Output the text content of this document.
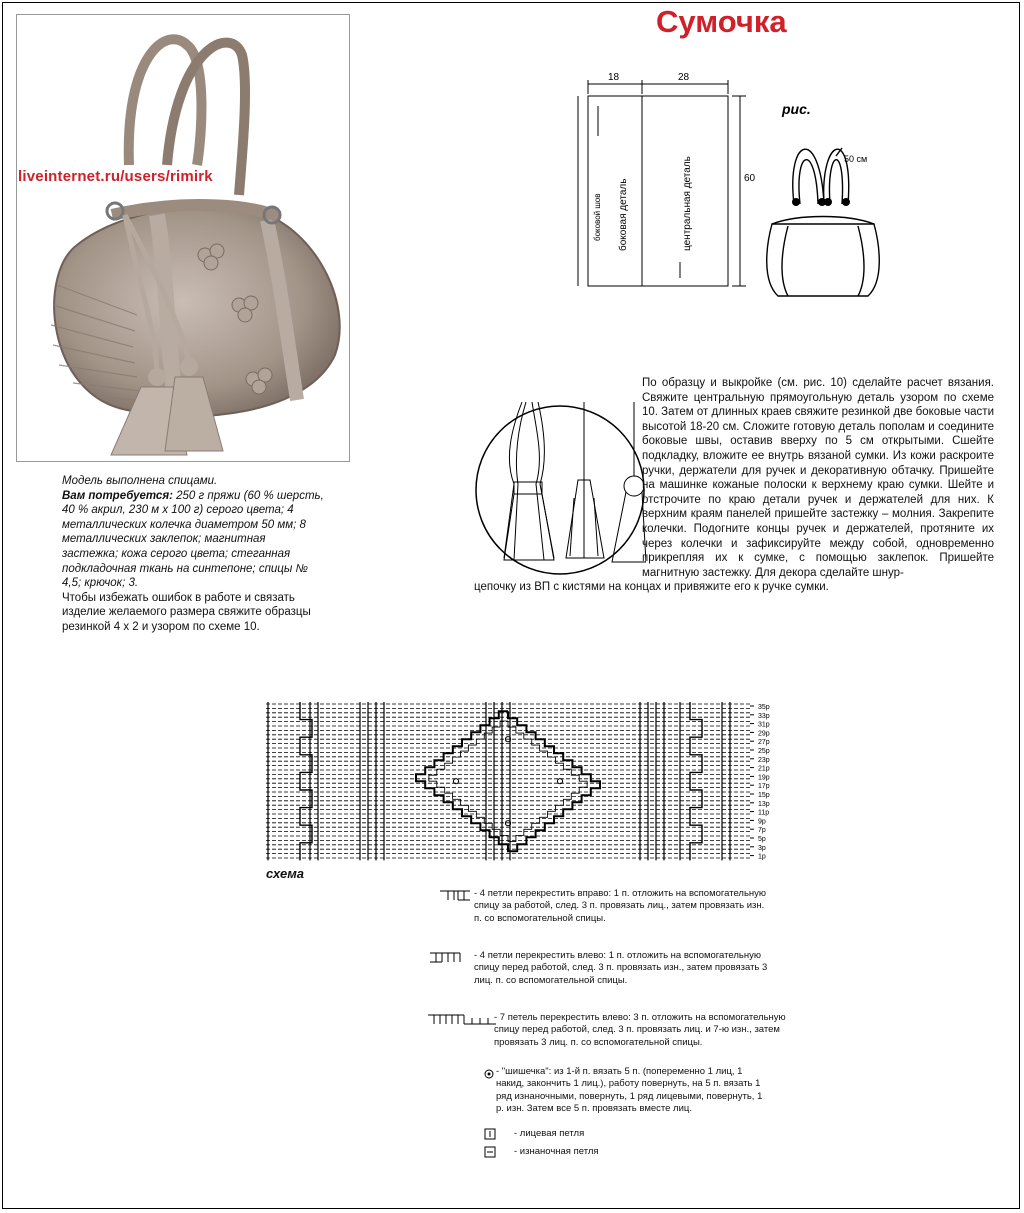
liveinternet.ru/users/rimirk
Сумочка
18	28
60
боковой шов боковая деталь	центральная деталь
рис.
50 см
Модель выполнена спицами.
Вам потребуется: 250 г пряжи (60 % шерсть, 40 % акрил, 230 м х 100 г) серого цвета; 4 металлических колечка диаметром 50 мм; 8 металлических заклепок; магнитная застежка; кожа серого цвета; стеганная подкладочная ткань на синтепоне; спицы № 4,5; крючок; 3.
Чтобы избежать ошибок в работе и связать изделие желаемого размера свяжите образцы резинкой 4 х 2 и узором по схеме 10.

По образцу и выкройке (см. рис. 10) сделайте расчет вязания. Свяжите центральную прямоугольную деталь узором по схеме 10. Затем от длинных краев свяжите резинкой две боковые части высотой 18-20 см. Сложите готовую деталь пополам и соедините боковые швы, оставив вверху по 5 см открытыми. Сшейте подкладку, вложите ее внутрь вязаной сумки. Из кожи раскроите ручки, держатели для ручек и декоративную обтачку. Пришейте на машинке кожаные полоски к верхнему краю сумки. Шейте и отстрочите по краю детали ручек и держателей для них. К верхним краям панелей пришейте застежку – молния. Закрепите колечки. Подогните концы ручек и держателей, протяните их через колечки и зафиксируйте между собой, одновременно прикрепляя их к сумке, с помощью заклепок. Пришейте магнитную застежку. Для декора сделайте шнур-

цепочку из ВП с кистями на концах и привяжите его к ручке сумки.

35р
33р
31р
29р
27р
25р
23р
21р
19р
17р
15р
13р
11р
9р
7р
5р
3р
1р
схема
- 4 петли перекрестить вправо: 1 п. отложить на вспомогательную спицу за работой, след. 3 п. провязать лиц., затем провязать изн. п. со вспомогательной спицы.
- 4 петли перекрестить влево: 1 п. отложить на вспомогательную спицу перед работой, след. 3 п. провязать изн., затем провязать 3 лиц. п. со вспомогательной спицы.
- 7 петель перекрестить влево: 3 п. отложить на вспомогательную спицу перед работой, след. 3 п. провязать лиц. и 7-ю изн., затем провязать 3 лиц. п. со вспомогательной спицы.
- "шишечка": из 1-й п. вязать 5 п. (попеременно 1 лиц, 1 накид, закончить 1 лиц.), работу повернуть, на 5 п. вязать 1 ряд изнаночными, повернуть, 1 ряд лицевыми, повернуть, 1 р. изн. Затем все 5 п. провязать вместе лиц.
- лицевая петля
- изнаночная петля
